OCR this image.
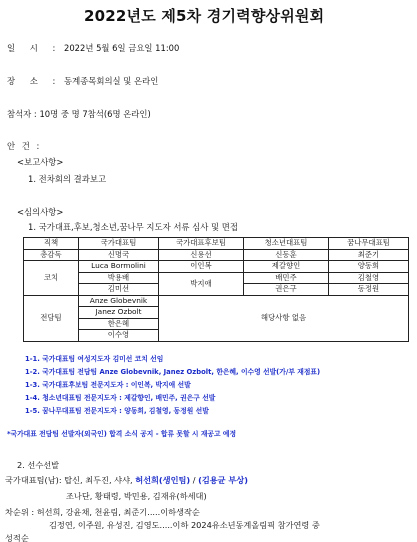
2022년도 제5차 경기력향상위원회
일 시 : 2022년 5월 6일 금요일 11:00
장 소 : 동계종목회의실 및 온라인
참석자 : 10명 중 명 7참석(6명 온라인)
안 건 :
<보고사항>
1. 전차회의 결과보고
<심의사항>
1. 국가대표,후보,청소년,꿈나무 지도자 서류 심사 및 면접
직책	국가대표팀	국가대표후보팀	청소년대표팀	꿈나무대표팀
총감독	신명국	신용선	신동훈	최준기
코치	Luca Bormolini	이인복	제갈향인	양동희
	박용배	박지애	배민주	김철영
	김미선		권은구	동정원
전담팀	Anze Globevnik	해당사항 없음		
	Janez Ozbolt			
	한은혜			
	이수영			
1-1. 국가대표팀 여성지도자 김미선 코치 선임
1-2. 국가대표팀 전담팀 Anze Globevnik, Janez Ozbolt, 한은혜, 이수영 선발(가/부 재점표)
1-3. 국가대표후보팀 전문지도자 : 이인복, 박지애 선발
1-4. 청소년대표팀 전문지도자 : 제갈향인, 배민주, 권은구 선발
1-5. 꿈나무대표팀 전문지도자 : 양동희, 김철영, 동정원 선발
*국가대표 전담팀 선발자(외국인) 합격 소식 공지 - 합류 못할 시 재공고 예정
2. 선수선발
국가대표팀(남): 탑신, 최두진, 샤샤, 허선희(생인팀) / (김용균 부상)
조나단, 황태령, 박민용, 김재유(하세대)
차순위 : 허선희, 강윤채, 천윤림, 최준기.....이하생작순
김정연, 이주원, 유성진, 김영도.....이하 2024유소년동계올림픽 참가연령 중
성적순
